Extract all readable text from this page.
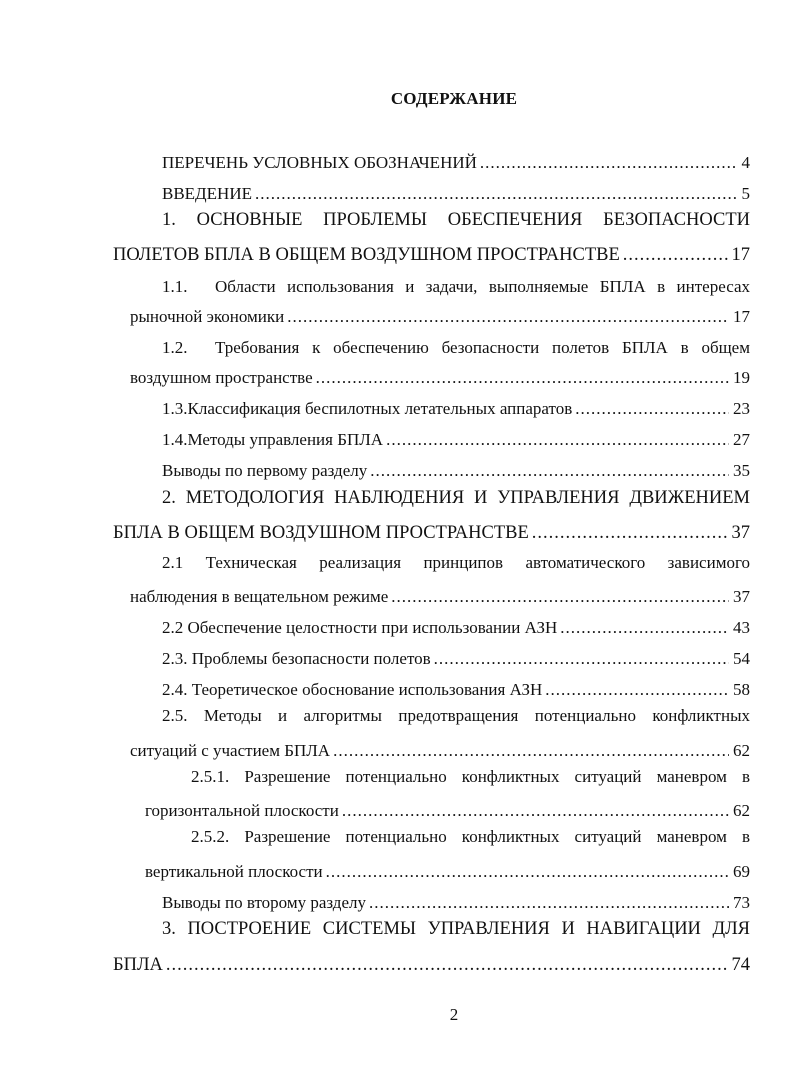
СОДЕРЖАНИЕ
ПЕРЕЧЕНЬ УСЛОВНЫХ ОБОЗНАЧЕНИЙ .....	4
ВВЕДЕНИЕ .....	5
1. ОСНОВНЫЕ ПРОБЛЕМЫ ОБЕСПЕЧЕНИЯ БЕЗОПАСНОСТИ
ПОЛЕТОВ БПЛА В ОБЩЕМ ВОЗДУШНОМ ПРОСТРАНСТВЕ .....	17
1.1.	Области использования и задачи, выполняемые БПЛА в интересах
рыночной экономики .....	17
1.2.	Требования к обеспечению безопасности полетов БПЛА в общем
воздушном пространстве .....	19
1.3. Классификация беспилотных летательных аппаратов .....	23
1.4. Методы управления БПЛА .....	27
Выводы по первому разделу .....	35
2. МЕТОДОЛОГИЯ НАБЛЮДЕНИЯ И УПРАВЛЕНИЯ ДВИЖЕНИЕМ
БПЛА В ОБЩЕМ ВОЗДУШНОМ ПРОСТРАНСТВЕ .....	37
2.1 Техническая реализация принципов автоматического зависимого
наблюдения в вещательном режиме .....	37
2.2 Обеспечение целостности при использовании АЗН .....	43
2.3. Проблемы безопасности полетов .....	54
2.4. Теоретическое обоснование использования АЗН .....	58
2.5. Методы и алгоритмы предотвращения потенциально конфликтных
ситуаций с участием БПЛА .....	62
2.5.1. Разрешение потенциально конфликтных ситуаций маневром в
горизонтальной плоскости .....	62
2.5.2. Разрешение потенциально конфликтных ситуаций маневром в
вертикальной плоскости .....	69
Выводы по второму разделу .....	73
3. ПОСТРОЕНИЕ СИСТЕМЫ УПРАВЛЕНИЯ И НАВИГАЦИИ ДЛЯ
БПЛА .....	74
2
